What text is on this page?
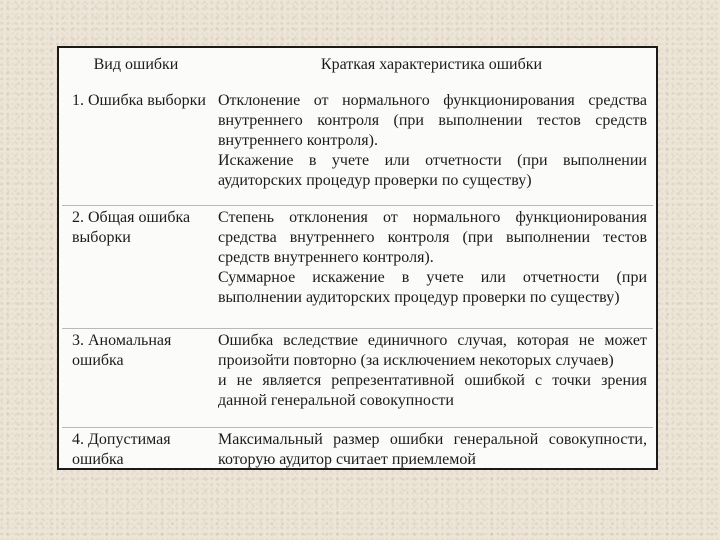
Вид ошибки	Краткая характеристика ошибки
1. Ошибка выборки	Отклонение от нормального функционирования средства внутреннего контроля (при выполнении тестов средств внутреннего контроля).
Искажение в учете или отчетности (при выполнении аудиторских процедур проверки по существу)

2. Общая ошибка выборки	Степень отклонения от нормального функционирования средства внутреннего контроля (при выполнении тестов средств внутреннего контроля).
Суммарное искажение в учете или отчетности (при выполнении аудиторских процедур проверки по существу)

3. Аномальная ошибка	Ошибка вследствие единичного случая, которая не может произойти повторно (за исключением некоторых случаев)
и не является репрезентативной ошибкой с точки зрения данной генеральной совокупности

4. Допустимая ошибка	Максимальный размер ошибки генеральной совокупности, которую аудитор считает приемлемой
